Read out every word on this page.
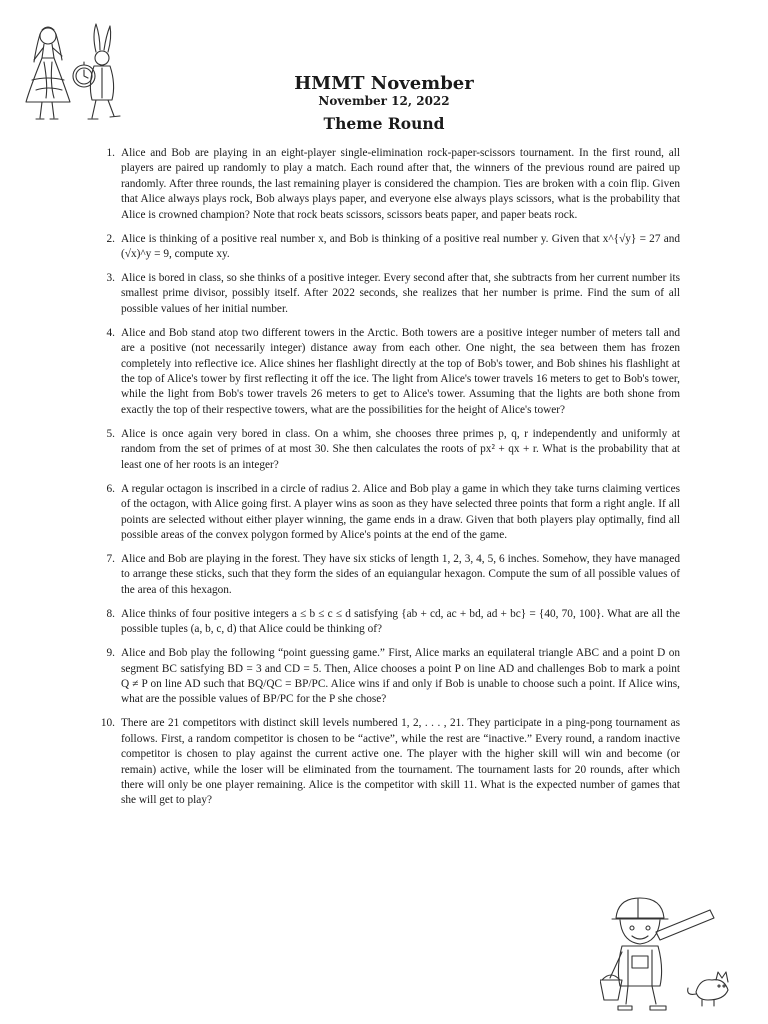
HMMT November
November 12, 2022
Theme Round
1. Alice and Bob are playing in an eight-player single-elimination rock-paper-scissors tournament. In the first round, all players are paired up randomly to play a match. Each round after that, the winners of the previous round are paired up randomly. After three rounds, the last remaining player is considered the champion. Ties are broken with a coin flip. Given that Alice always plays rock, Bob always plays paper, and everyone else always plays scissors, what is the probability that Alice is crowned champion? Note that rock beats scissors, scissors beats paper, and paper beats rock.
2. Alice is thinking of a positive real number x, and Bob is thinking of a positive real number y. Given that x^{√y} = 27 and (√x)^y = 9, compute xy.
3. Alice is bored in class, so she thinks of a positive integer. Every second after that, she subtracts from her current number its smallest prime divisor, possibly itself. After 2022 seconds, she realizes that her number is prime. Find the sum of all possible values of her initial number.
4. Alice and Bob stand atop two different towers in the Arctic. Both towers are a positive integer number of meters tall and are a positive (not necessarily integer) distance away from each other. One night, the sea between them has frozen completely into reflective ice. Alice shines her flashlight directly at the top of Bob's tower, and Bob shines his flashlight at the top of Alice's tower by first reflecting it off the ice. The light from Alice's tower travels 16 meters to get to Bob's tower, while the light from Bob's tower travels 26 meters to get to Alice's tower. Assuming that the lights are both shone from exactly the top of their respective towers, what are the possibilities for the height of Alice's tower?
5. Alice is once again very bored in class. On a whim, she chooses three primes p, q, r independently and uniformly at random from the set of primes of at most 30. She then calculates the roots of px² + qx + r. What is the probability that at least one of her roots is an integer?
6. A regular octagon is inscribed in a circle of radius 2. Alice and Bob play a game in which they take turns claiming vertices of the octagon, with Alice going first. A player wins as soon as they have selected three points that form a right angle. If all points are selected without either player winning, the game ends in a draw. Given that both players play optimally, find all possible areas of the convex polygon formed by Alice's points at the end of the game.
7. Alice and Bob are playing in the forest. They have six sticks of length 1, 2, 3, 4, 5, 6 inches. Somehow, they have managed to arrange these sticks, such that they form the sides of an equiangular hexagon. Compute the sum of all possible values of the area of this hexagon.
8. Alice thinks of four positive integers a ≤ b ≤ c ≤ d satisfying {ab + cd, ac + bd, ad + bc} = {40, 70, 100}. What are all the possible tuples (a, b, c, d) that Alice could be thinking of?
9. Alice and Bob play the following “point guessing game.” First, Alice marks an equilateral triangle ABC and a point D on segment BC satisfying BD = 3 and CD = 5. Then, Alice chooses a point P on line AD and challenges Bob to mark a point Q ≠ P on line AD such that BQ/QC = BP/PC. Alice wins if and only if Bob is unable to choose such a point. If Alice wins, what are the possible values of BP/PC for the P she chose?
10. There are 21 competitors with distinct skill levels numbered 1, 2, . . . , 21. They participate in a ping-pong tournament as follows. First, a random competitor is chosen to be “active”, while the rest are “inactive.” Every round, a random inactive competitor is chosen to play against the current active one. The player with the higher skill will win and become (or remain) active, while the loser will be eliminated from the tournament. The tournament lasts for 20 rounds, after which there will only be one player remaining. Alice is the competitor with skill 11. What is the expected number of games that she will get to play?
